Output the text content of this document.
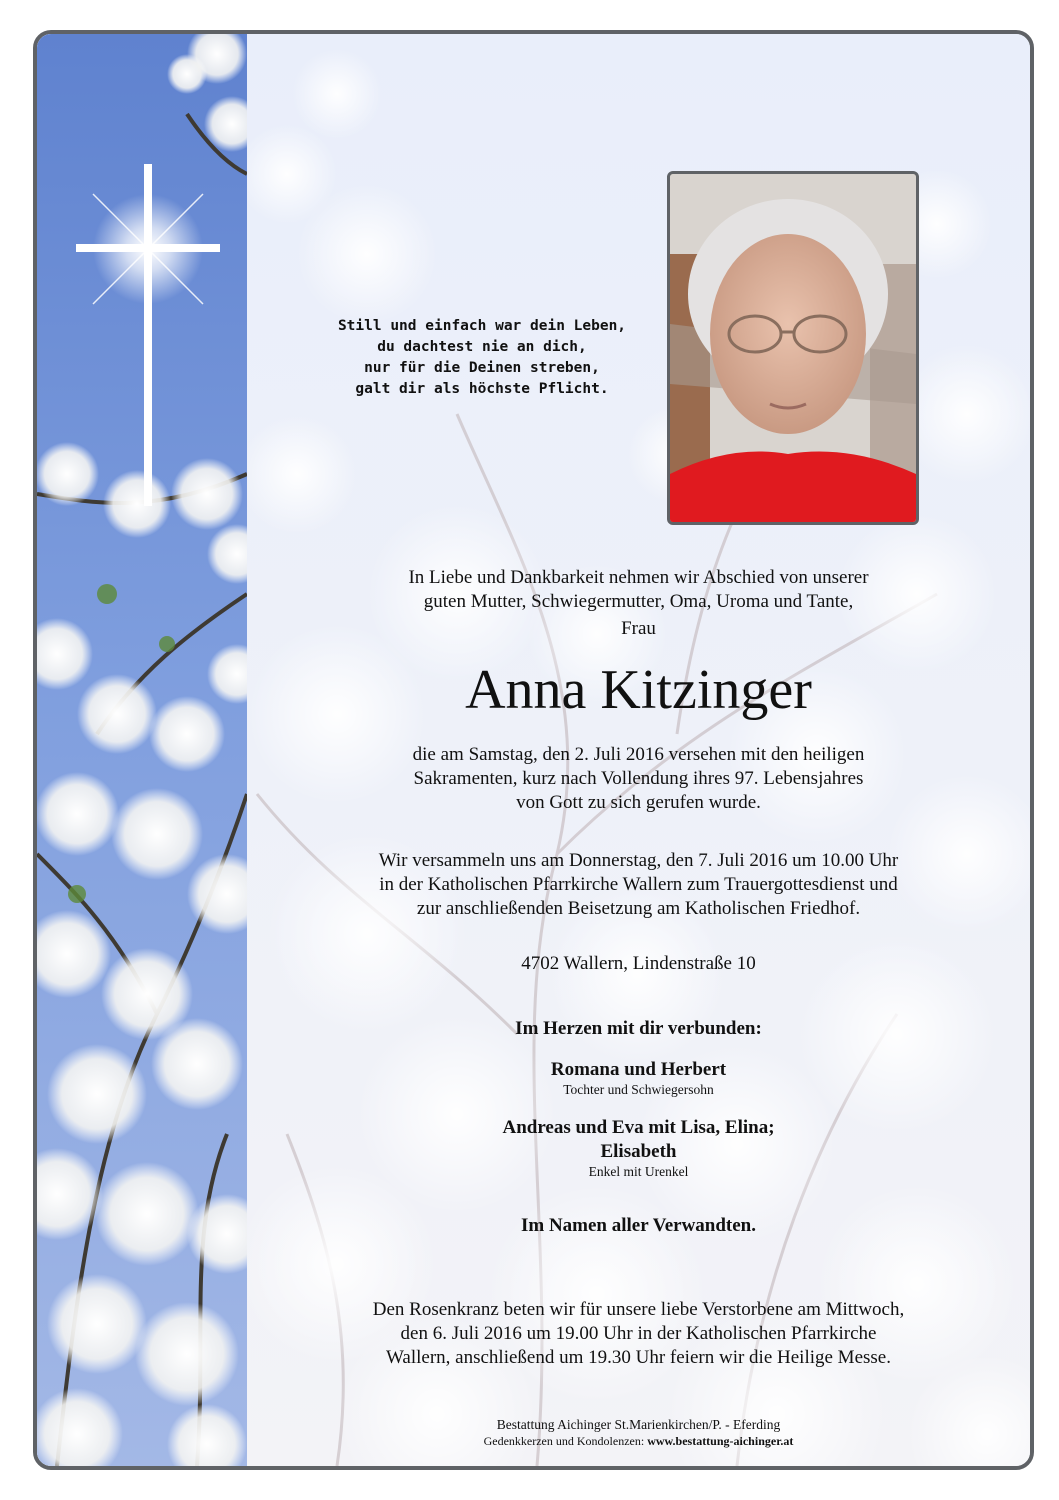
Still und einfach war dein Leben,
du dachtest nie an dich,
nur für die Deinen streben,
galt dir als höchste Pflicht.
In Liebe und Dankbarkeit nehmen wir Abschied von unserer
guten Mutter, Schwiegermutter, Oma, Uroma und Tante,
Frau
Anna Kitzinger
die am Samstag, den 2. Juli 2016 versehen mit den heiligen
Sakramenten, kurz nach Vollendung ihres 97. Lebensjahres
von Gott zu sich gerufen wurde.
Wir versammeln uns am Donnerstag, den 7. Juli 2016 um 10.00 Uhr
in der Katholischen Pfarrkirche Wallern zum Trauergottesdienst und
zur anschließenden Beisetzung am Katholischen Friedhof.
4702 Wallern, Lindenstraße 10
Im Herzen mit dir verbunden:
Romana und Herbert
Tochter und Schwiegersohn
Andreas und Eva mit Lisa, Elina;
Elisabeth
Enkel mit Urenkel
Im Namen aller Verwandten.
Den Rosenkranz beten wir für unsere liebe Verstorbene am Mittwoch,
den 6. Juli 2016 um 19.00 Uhr in der Katholischen Pfarrkirche
Wallern, anschließend um 19.30 Uhr feiern wir die Heilige Messe.
Bestattung Aichinger St.Marienkirchen/P. - Eferding
Gedenkkerzen und Kondolenzen: www.bestattung-aichinger.at
